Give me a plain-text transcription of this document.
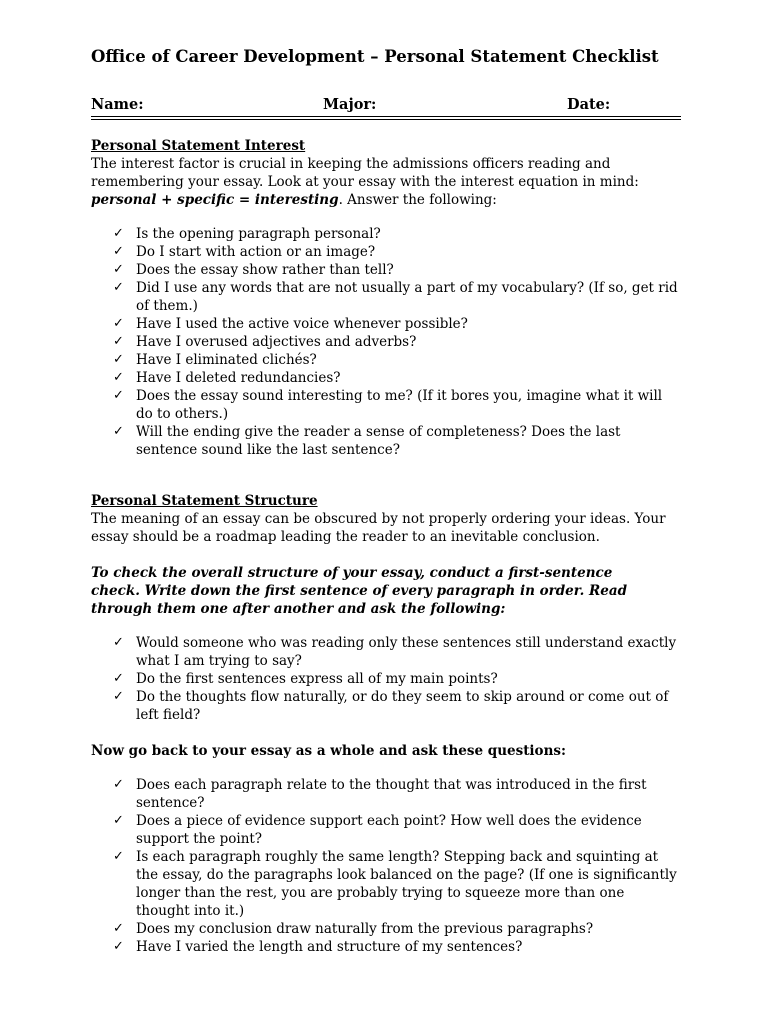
Office of Career Development – Personal Statement Checklist
Name:	Major:	Date:
Personal Statement Interest
The interest factor is crucial in keeping the admissions officers reading and remembering your essay. Look at your essay with the interest equation in mind: personal + specific = interesting. Answer the following:
✓ Is the opening paragraph personal?
✓ Do I start with action or an image?
✓ Does the essay show rather than tell?
✓ Did I use any words that are not usually a part of my vocabulary? (If so, get rid of them.)
✓ Have I used the active voice whenever possible?
✓ Have I overused adjectives and adverbs?
✓ Have I eliminated clichés?
✓ Have I deleted redundancies?
✓ Does the essay sound interesting to me? (If it bores you, imagine what it will do to others.)
✓ Will the ending give the reader a sense of completeness? Does the last sentence sound like the last sentence?
Personal Statement Structure
The meaning of an essay can be obscured by not properly ordering your ideas. Your essay should be a roadmap leading the reader to an inevitable conclusion.
To check the overall structure of your essay, conduct a first-sentence check. Write down the first sentence of every paragraph in order. Read through them one after another and ask the following:
✓ Would someone who was reading only these sentences still understand exactly what I am trying to say?
✓ Do the first sentences express all of my main points?
✓ Do the thoughts flow naturally, or do they seem to skip around or come out of left field?
Now go back to your essay as a whole and ask these questions:
✓ Does each paragraph relate to the thought that was introduced in the first sentence?
✓ Does a piece of evidence support each point? How well does the evidence support the point?
✓ Is each paragraph roughly the same length? Stepping back and squinting at the essay, do the paragraphs look balanced on the page? (If one is significantly longer than the rest, you are probably trying to squeeze more than one thought into it.)
✓ Does my conclusion draw naturally from the previous paragraphs?
✓ Have I varied the length and structure of my sentences?
